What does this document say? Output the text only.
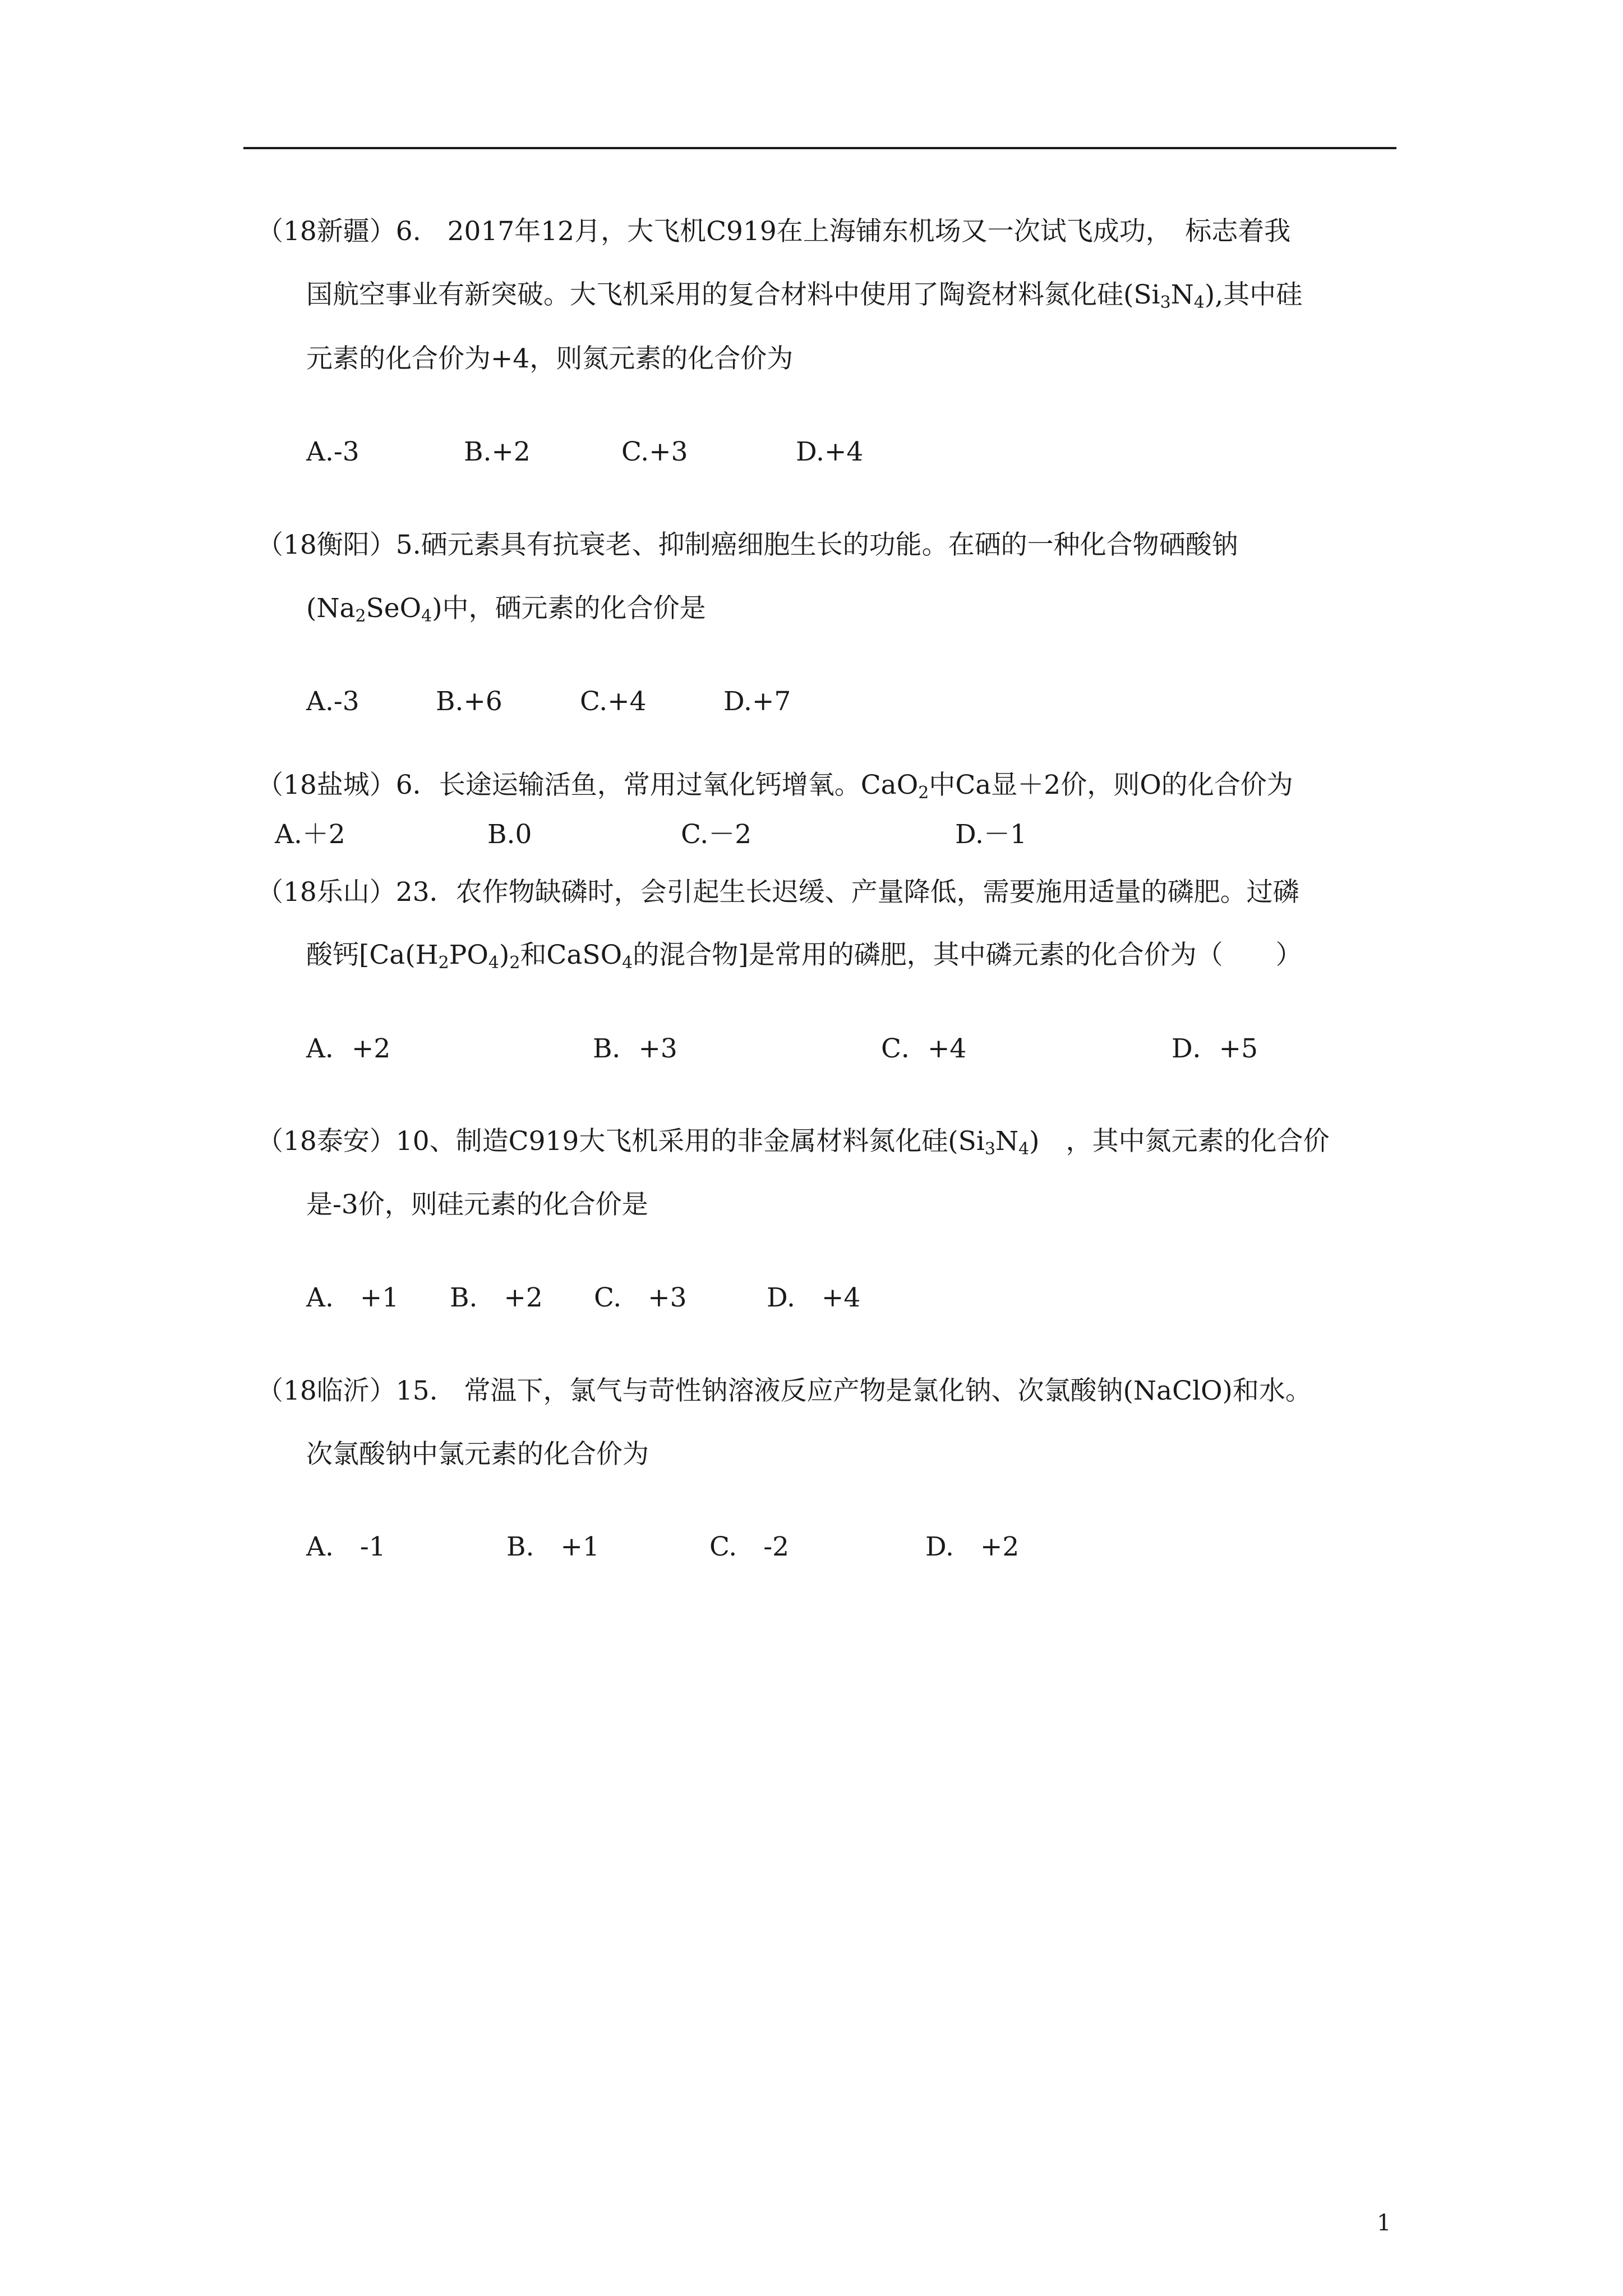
（18新疆）6.　2017年12月，大飞机C919在上海铺东机场又一次试飞成功，　标志着我
国航空事业有新突破。大飞机采用的复合材料中使用了陶瓷材料氮化硅$(Si_3N_4)$,其中硅
元素的化合价为+4，则氮元素的化合价为
A.-3	B.+2	C.+3	D.+4
（18衡阳）5.硒元素具有抗衰老、抑制癌细胞生长的功能。在硒的一种化合物硒酸钠
$(Na_2SeO_4)$中，硒元素的化合价是
A.-3	B.+6	C.+4	D.+7
（18盐城）6．长途运输活鱼，常用过氧化钙增氧。CaO$_2$中Ca显＋2价，则O的化合价为
A.＋2	B.0	C.－2	D.－1
（18乐山）23．农作物缺磷时，会引起生长迟缓、产量降低，需要施用适量的磷肥。过磷
酸钙[$Ca(H_2PO_4)_2$和CaSO$_4$的混合物]是常用的磷肥，其中磷元素的化合价为（　　）
A．+2	B．+3	C．+4	D．+5
（18泰安）10、制造C919大飞机采用的非金属材料氮化硅$(Si_3N_4)$　，其中氮元素的化合价
是-3价，则硅元素的化合价是
A.　+1 B.　+2 C.　+3	D.　+4
（18临沂）15.　常温下，氯气与苛性钠溶液反应产物是氯化钠、次氯酸钠(NaClO)和水。
次氯酸钠中氯元素的化合价为
A.　-1	B.　+1	C.　-2	D.　+2
1
